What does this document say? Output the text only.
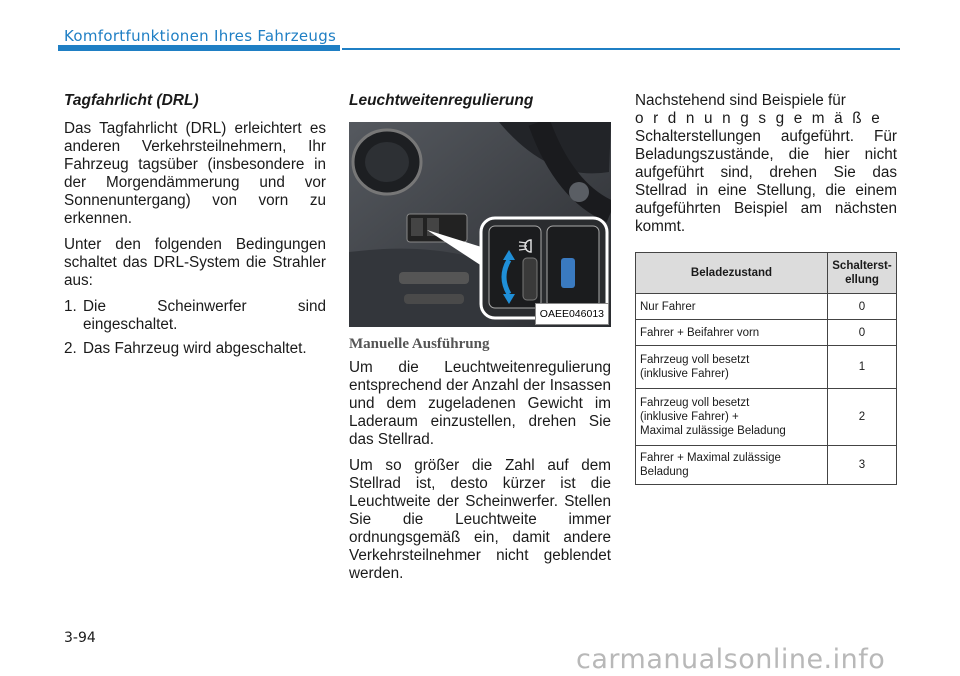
Komfortfunktionen Ihres Fahrzeugs
Tagfahrlicht (DRL)

Das Tagfahrlicht (DRL) erleichtert es anderen Verkehrsteilnehmern, Ihr Fahrzeug tagsüber (insbesondere in der Morgendämmerung und vor Sonnenuntergang) von vorn zu erkennen.

Unter den folgenden Bedingungen schaltet das DRL-System die Strahler aus:

1. Die Scheinwerfer sind eingeschaltet.
2. Das Fahrzeug wird abgeschaltet.
Leuchtweitenregulierung
OAEE046013
Manuelle Ausführung

Um die Leuchtweitenregulierung entsprechend der Anzahl der Insassen und dem zugeladenen Gewicht im Laderaum einzustellen, drehen Sie das Stellrad.

Um so größer die Zahl auf dem Stellrad ist, desto kürzer ist die Leuchtweite der Scheinwerfer. Stellen Sie die Leuchtweite immer ordnungsgemäß ein, damit andere Verkehrsteilnehmer nicht geblendet werden.

Nachstehend sind Beispiele für
ordnungsgemäße
Schalterstellungen aufgeführt. Für Beladungszustände, die hier nicht aufgeführt sind, drehen Sie das Stellrad in eine Stellung, die einem aufgeführten Beispiel am nächsten kommt.

Beladezustand	Schalterstellung
Nur Fahrer	0
Fahrer + Beifahrer vorn	0
Fahrzeug voll besetzt
(inklusive Fahrer)	1
Fahrzeug voll besetzt
(inklusive Fahrer) +
Maximal zulässige Beladung	2
Fahrer + Maximal zulässige
Beladung	3
3-94
carmanualsonline.info
